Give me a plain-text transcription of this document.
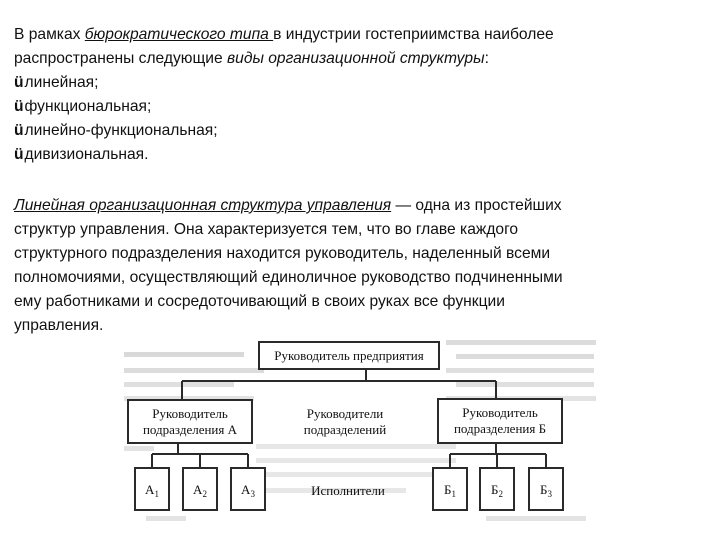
В рамках бюрократического типа в индустрии гостеприимства наиболее
распространены следующие виды организационной структуры:
üлинейная;
üфункциональная;
üлинейно-функциональная;
üдивизиональная.
Линейная организационная структура управления — одна из простейших
структур управления. Она характеризуется тем, что во главе каждого
структурного подразделения находится руководитель, наделенный всеми
полномочиями, осуществляющий единоличное руководство подчиненными
ему работниками и сосредоточивающий в своих руках все функции
управления.
Руководитель предприятия
Руководитель
подразделения А
Руководители
подразделений
Руководитель
подразделения Б
Исполнители
$А_1$	$А_2$	$А_3$	$Б_1$	$Б_2$	$Б_3$
